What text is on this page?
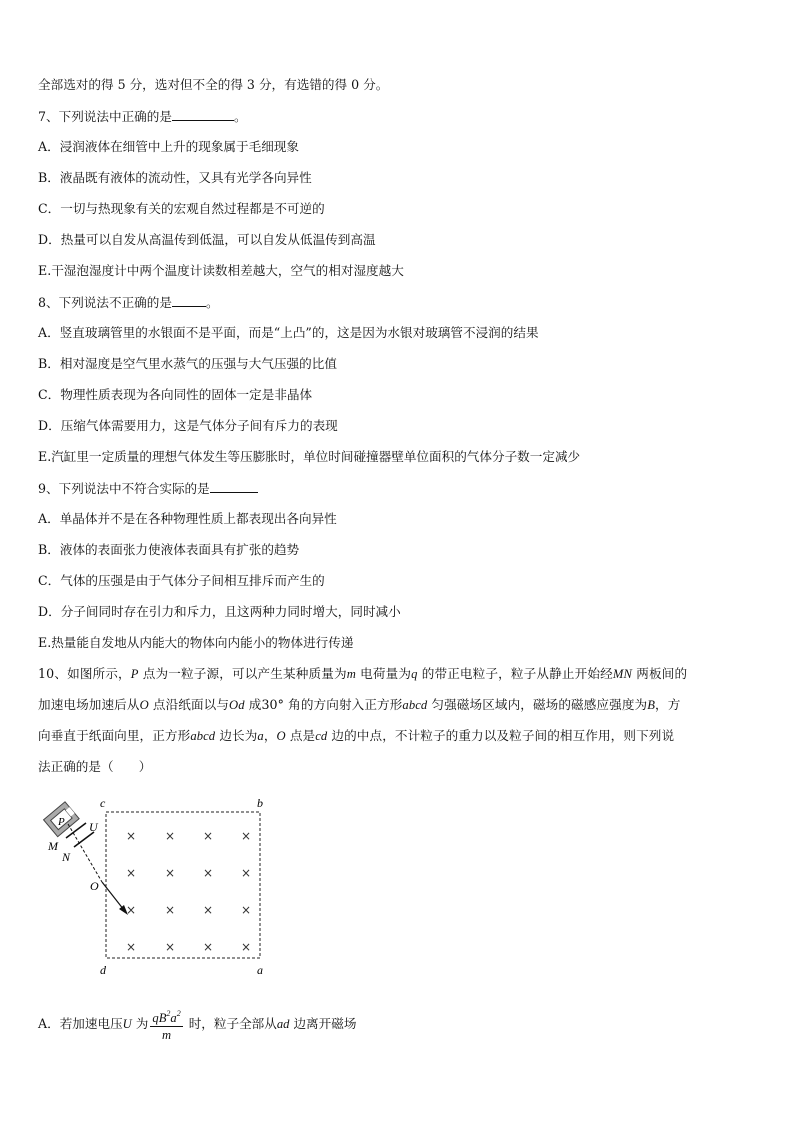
全部选对的得 5 分，选对但不全的得 3 分，有选错的得 0 分。
7、下列说法中正确的是	。
A．浸润液体在细管中上升的现象属于毛细现象
B．液晶既有液体的流动性，又具有光学各向异性
C．一切与热现象有关的宏观自然过程都是不可逆的
D．热量可以自发从高温传到低温，可以自发从低温传到高温
E.干湿泡湿度计中两个温度计读数相差越大，空气的相对湿度越大
8、下列说法不正确的是	。
A．竖直玻璃管里的水银面不是平面，而是“上凸”的，这是因为水银对玻璃管不浸润的结果
B．相对湿度是空气里水蒸气的压强与大气压强的比值
C．物理性质表现为各向同性的固体一定是非晶体
D．压缩气体需要用力，这是气体分子间有斥力的表现
E.汽缸里一定质量的理想气体发生等压膨胀时，单位时间碰撞器壁单位面积的气体分子数一定减少
9、下列说法中不符合实际的是
A．单晶体并不是在各种物理性质上都表现出各向异性
B．液体的表面张力使液体表面具有扩张的趋势
C．气体的压强是由于气体分子间相互排斥而产生的
D．分子间同时存在引力和斥力，且这两种力同时增大，同时减小
E.热量能自发地从内能大的物体向内能小的物体进行传递
10、如图所示，P 点为一粒子源，可以产生某种质量为m 电荷量为q 的带正电粒子，粒子从静止开始经MN 两板间的
加速电场加速后从O 点沿纸面以与Od 成30° 角的方向射入正方形abcd 匀强磁场区域内，磁场的磁感应强度为B，方
向垂直于纸面向里，正方形abcd 边长为a，O 点是cd 边的中点，不计粒子的重力以及粒子间的相互作用，则下列说
法正确的是（　　）
c	b
d	a
× × × ×
× × × ×
× × × ×
× × × ×
P U
M
N
O
A．若加速电压U 为 $\frac{qB^2a^2}{m}$ 时，粒子全部从ad 边离开磁场
